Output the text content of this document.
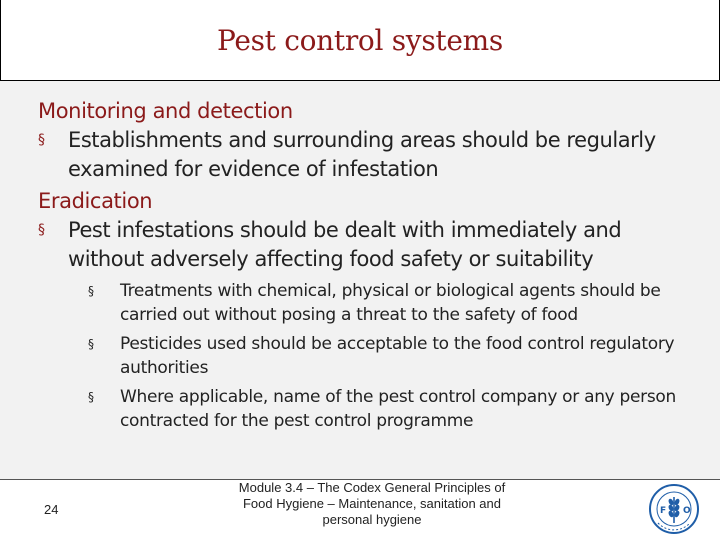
Pest control systems
Monitoring and detection
§ Establishments and surrounding areas should be regularly examined for evidence of infestation
Eradication
§ Pest infestations should be dealt with immediately and without adversely affecting food safety or suitability
§ Treatments with chemical, physical or biological agents should be carried out without posing a threat to the safety of food
§ Pesticides used should be acceptable to the food control regulatory authorities
§ Where applicable, name of the pest control company or any person contracted for the pest control programme
24
Module 3.4 – The Codex General Principles of Food Hygiene – Maintenance, sanitation and personal hygiene
F O
